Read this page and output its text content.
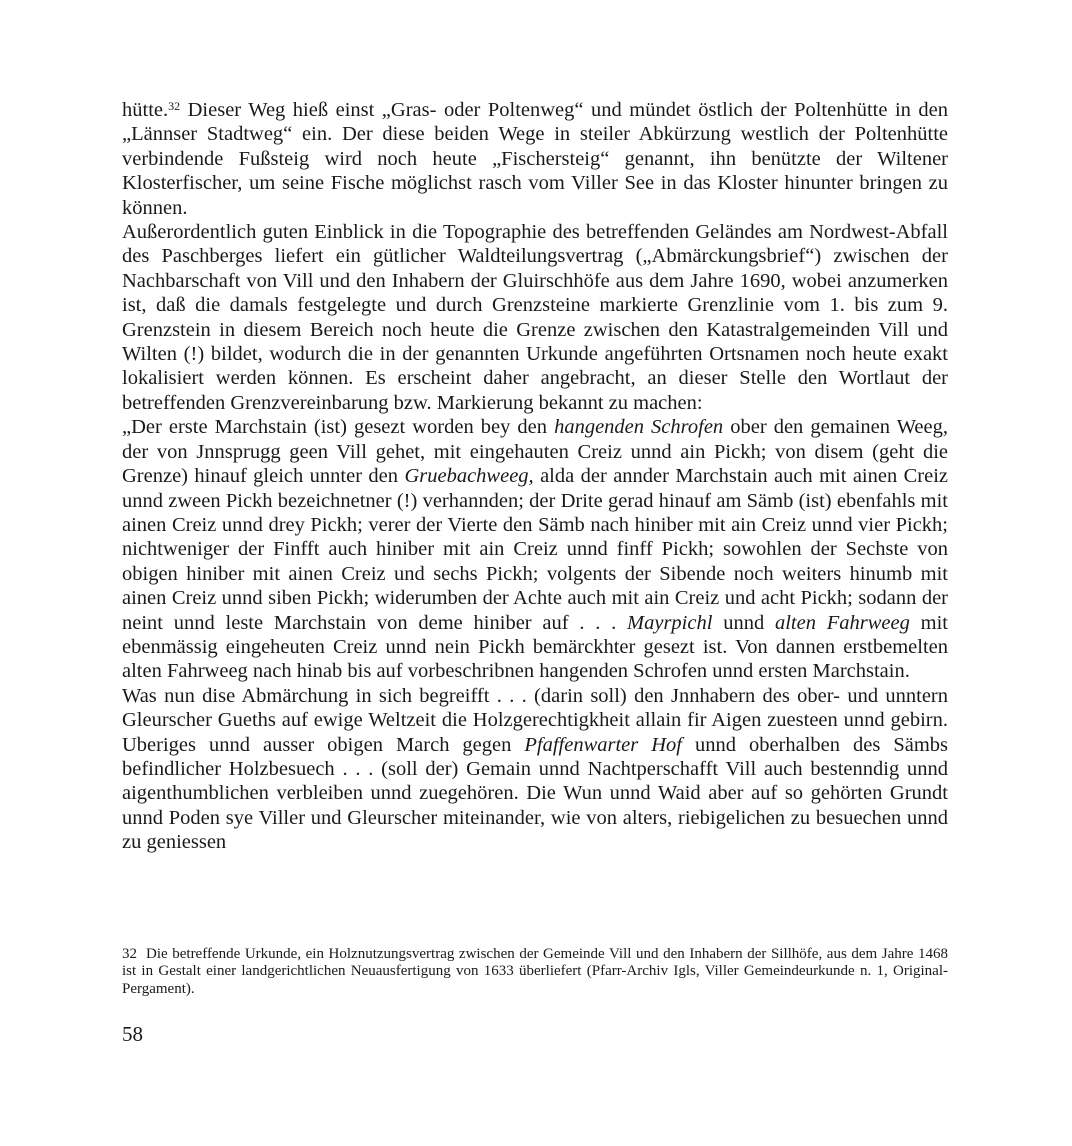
hütte.$^{32}$ Dieser Weg hieß einst „Gras- oder Poltenweg“ und mündet östlich der Poltenhütte in den „Lännser Stadtweg“ ein. Der diese beiden Wege in steiler Abkürzung westlich der Poltenhütte verbindende Fußsteig wird noch heute „Fischersteig“ genannt, ihn benützte der Wiltener Klosterfischer, um seine Fische möglichst rasch vom Viller See in das Kloster hinunter bringen zu können.

Außerordentlich guten Einblick in die Topographie des betreffenden Geländes am Nordwest-Abfall des Paschberges liefert ein gütlicher Waldteilungsvertrag („Abmärckungsbrief“) zwischen der Nachbarschaft von Vill und den Inhabern der Gluirschhöfe aus dem Jahre 1690, wobei anzumerken ist, daß die damals festgelegte und durch Grenzsteine markierte Grenzlinie vom 1. bis zum 9. Grenzstein in diesem Bereich noch heute die Grenze zwischen den Katastralgemeinden Vill und Wilten (!) bildet, wodurch die in der genannten Urkunde angeführten Ortsnamen noch heute exakt lokalisiert werden können. Es erscheint daher angebracht, an dieser Stelle den Wortlaut der betreffenden Grenzvereinbarung bzw. Markierung bekannt zu machen:

„Der erste Marchstain (ist) gesezt worden bey den hangenden Schrofen ober den gemainen Weeg, der von Jnnsprugg geen Vill gehet, mit eingehauten Creiz unnd ain Pickh; von disem (geht die Grenze) hinauf gleich unnter den Gruebachweeg, alda der annder Marchstain auch mit ainen Creiz unnd zween Pickh bezeichnetner (!) verhannden; der Drite gerad hinauf am Sämb (ist) ebenfahls mit ainen Creiz unnd drey Pickh; verer der Vierte den Sämb nach hiniber mit ain Creiz unnd vier Pickh; nichtweniger der Finfft auch hiniber mit ain Creiz unnd finff Pickh; sowohlen der Sechste von obigen hiniber mit ainen Creiz und sechs Pickh; volgents der Sibende noch weiters hinumb mit ainen Creiz unnd siben Pickh; widerumben der Achte auch mit ain Creiz und acht Pickh; sodann der neint unnd leste Marchstain von deme hiniber auf . . . Mayrpichl unnd alten Fahrweeg mit ebenmässig eingeheuten Creiz unnd nein Pickh bemärckhter gesezt ist. Von dannen erstbemelten alten Fahrweeg nach hinab bis auf vorbeschribnen hangenden Schrofen unnd ersten Marchstain.

Was nun dise Abmärchung in sich begreifft . . . (darin soll) den Jnnhabern des ober- und unntern Gleurscher Gueths auf ewige Weltzeit die Holzgerechtigkheit allain fir Aigen zuesteen unnd gebirn. Uberiges unnd ausser obigen March gegen Pfaffenwarter Hof unnd oberhalben des Sämbs befindlicher Holzbesuech . . . (soll der) Gemain unnd Nachtperschafft Vill auch bestenndig unnd aigenthumblichen verbleiben unnd zuegehören. Die Wun unnd Waid aber auf so gehörten Grundt unnd Poden sye Viller und Gleurscher miteinander, wie von alters, riebigelichen zu besuechen unnd zu geniessen

32 Die betreffende Urkunde, ein Holznutzungsvertrag zwischen der Gemeinde Vill und den Inhabern der Sillhöfe, aus dem Jahre 1468 ist in Gestalt einer landgerichtlichen Neuausfertigung von 1633 überliefert (Pfarr-Archiv Igls, Viller Gemeindeurkunde n. 1, Original-Pergament).

58
